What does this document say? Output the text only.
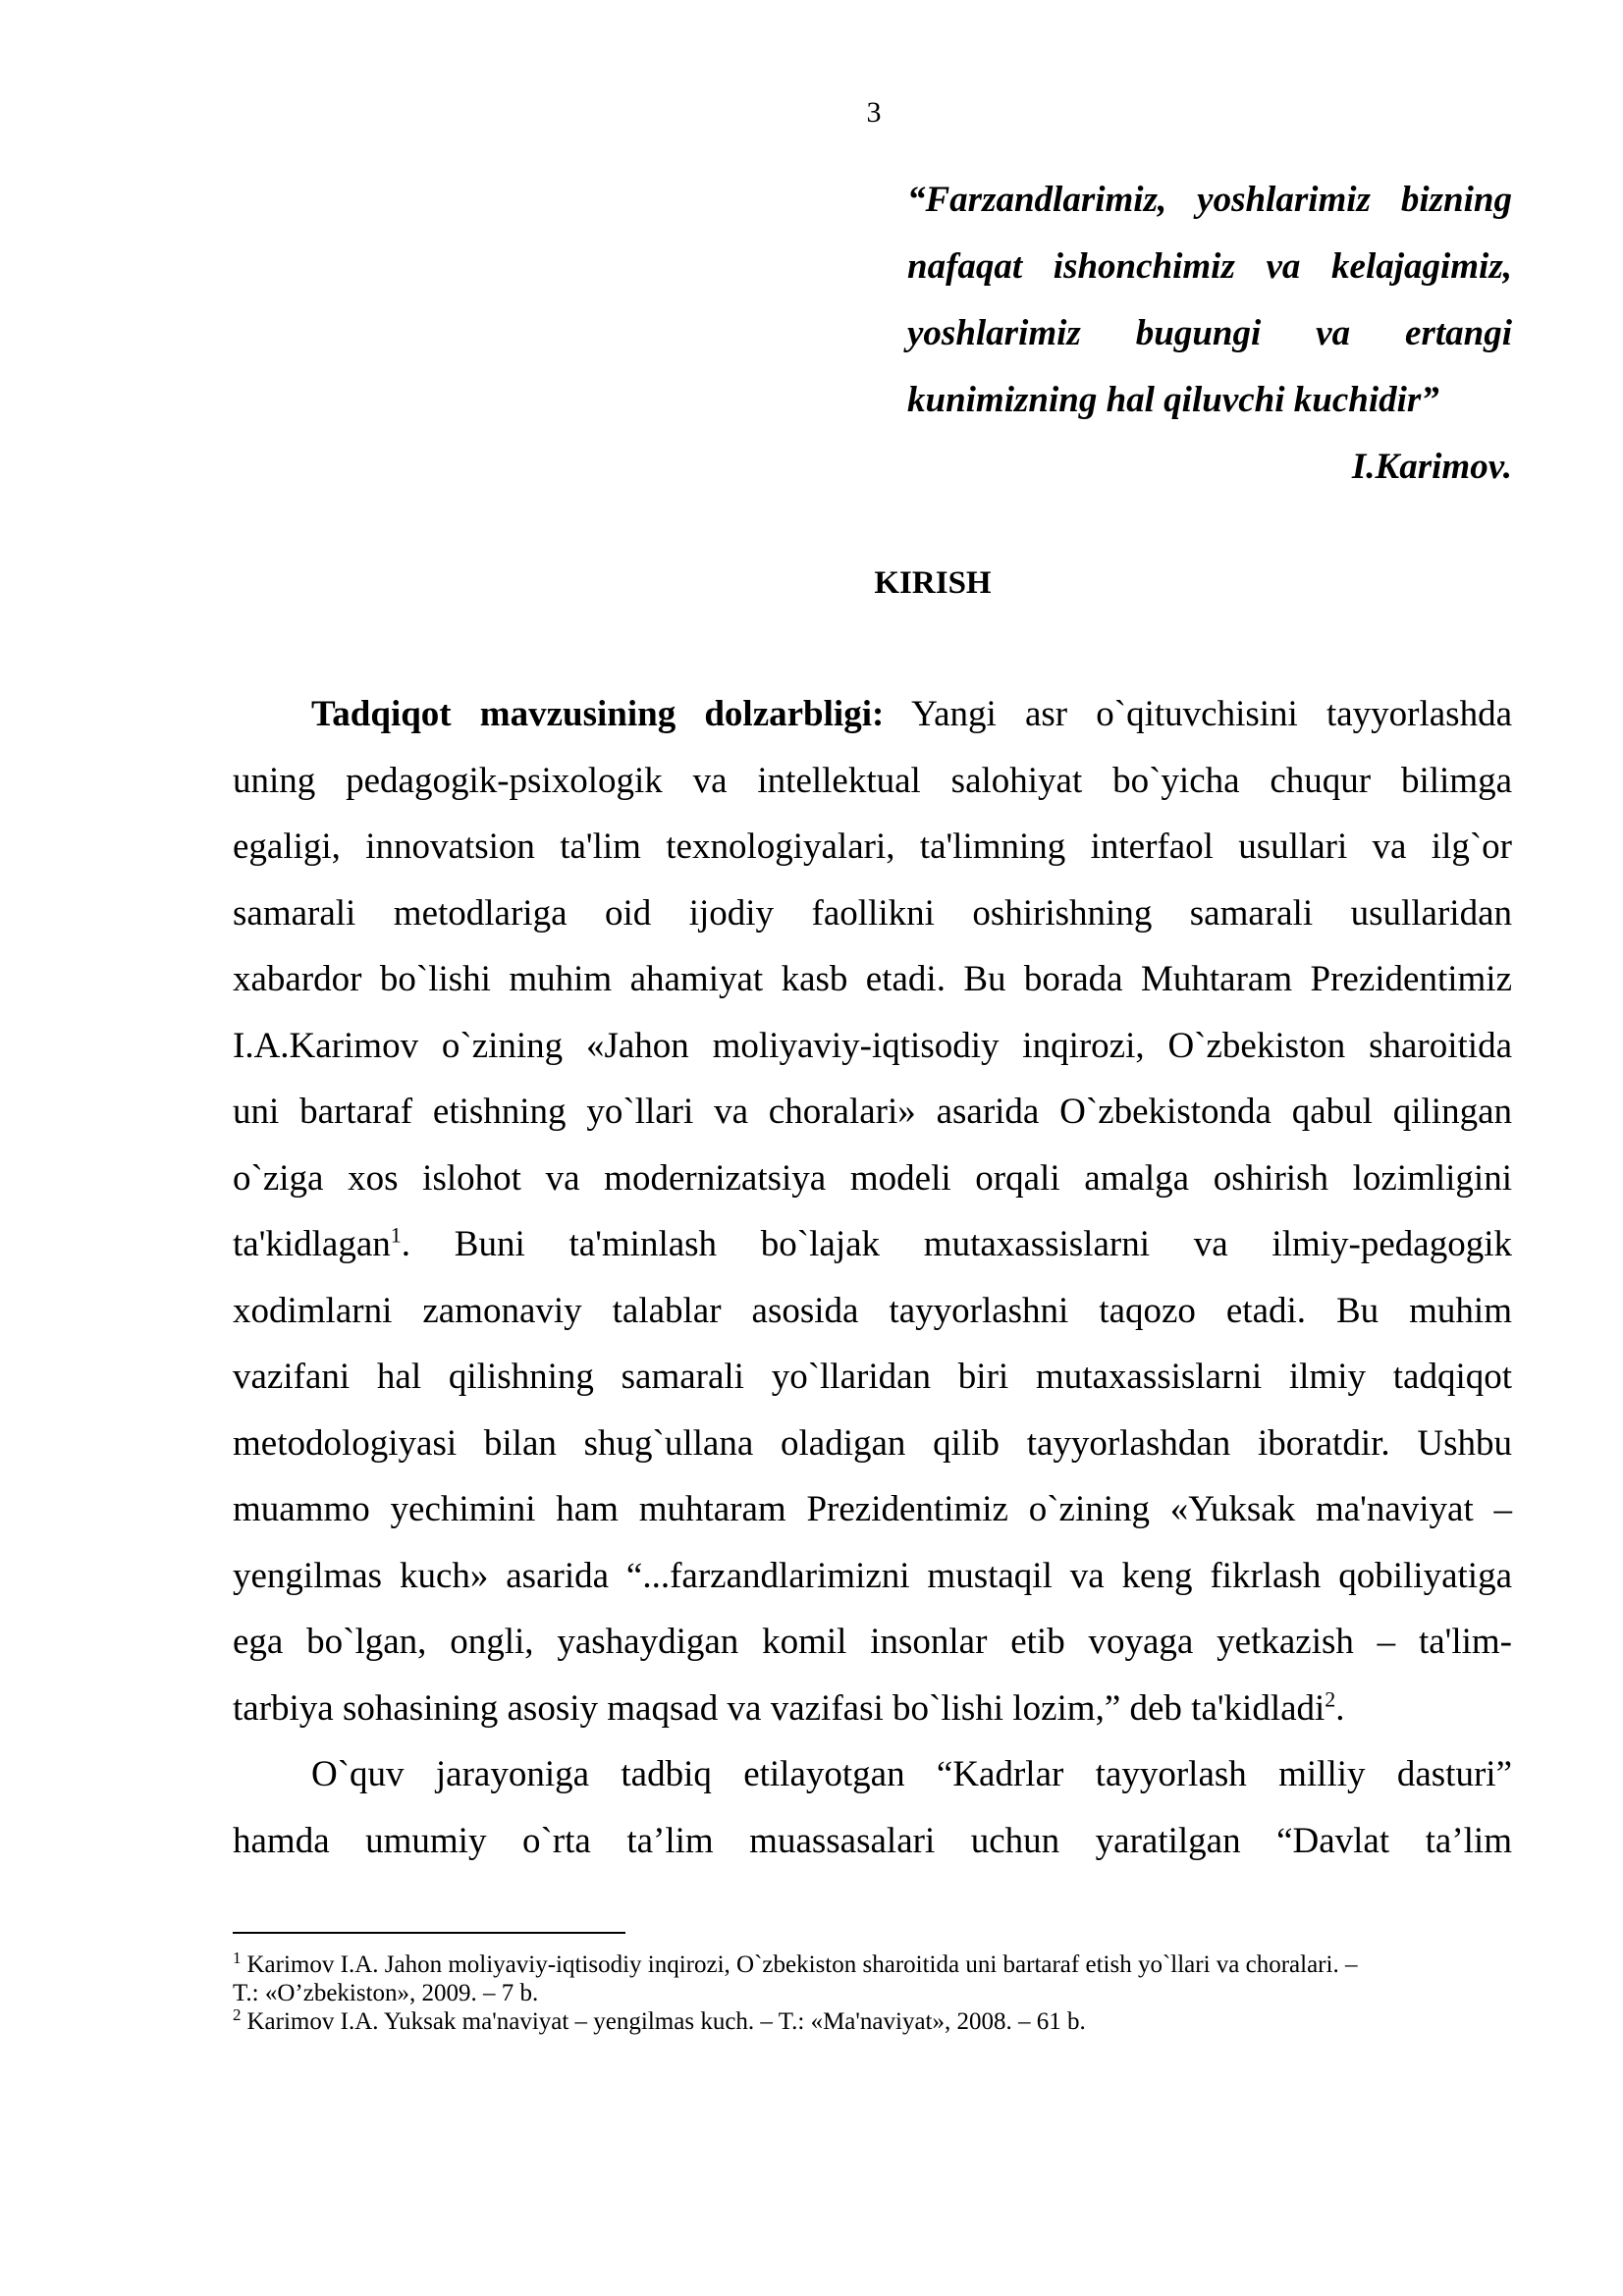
3
“Farzandlarimiz, yoshlarimiz bizning
nafaqat ishonchimiz va kelajagimiz,
yoshlarimiz bugungi va ertangi
kunimizning hal qiluvchi kuchidir”
I.Karimov.
KIRISH
Tadqiqot mavzusining dolzarbligi: Yangi asr o`qituvchisini tayyorlashda
uning pedagogik-psixologik va intellektual salohiyat bo`yicha chuqur bilimga
egaligi, innovatsion ta'lim texnologiyalari, ta'limning interfaol usullari va ilg`or
samarali metodlariga oid ijodiy faollikni oshirishning samarali usullaridan
xabardor bo`lishi muhim ahamiyat kasb etadi. Bu borada Muhtaram Prezidentimiz
I.A.Karimov o`zining «Jahon moliyaviy-iqtisodiy inqirozi, O`zbekiston sharoitida
uni bartaraf etishning yo`llari va choralari» asarida O`zbekistonda qabul qilingan
o`ziga xos islohot va modernizatsiya modeli orqali amalga oshirish lozimligini
ta'kidlagan$^1$. Buni ta'minlash bo`lajak mutaxassislarni va ilmiy-pedagogik
xodimlarni zamonaviy talablar asosida tayyorlashni taqozo etadi. Bu muhim
vazifani hal qilishning samarali yo`llaridan biri mutaxassislarni ilmiy tadqiqot
metodologiyasi bilan shug`ullana oladigan qilib tayyorlashdan iboratdir. Ushbu
muammo yechimini ham muhtaram Prezidentimiz o`zining «Yuksak ma'naviyat –
yengilmas kuch» asarida “...farzandlarimizni mustaqil va keng fikrlash qobiliyatiga
ega bo`lgan, ongli, yashaydigan komil insonlar etib voyaga yetkazish – ta'lim-
tarbiya sohasining asosiy maqsad va vazifasi bo`lishi lozim,” deb ta'kidladi$^2$.
O`quv jarayoniga tadbiq etilayotgan “Kadrlar tayyorlash milliy dasturi”
hamda umumiy o`rta ta’lim muassasalari uchun yaratilgan “Davlat ta’lim
$^1$ Karimov I.A. Jahon moliyaviy-iqtisodiy inqirozi, O`zbekiston sharoitida uni bartaraf etish yo`llari va choralari. –
T.: «O’zbekiston», 2009. – 7 b.
$^2$ Karimov I.A. Yuksak ma'naviyat – yengilmas kuch. – T.: «Ma'naviyat», 2008. – 61 b.
